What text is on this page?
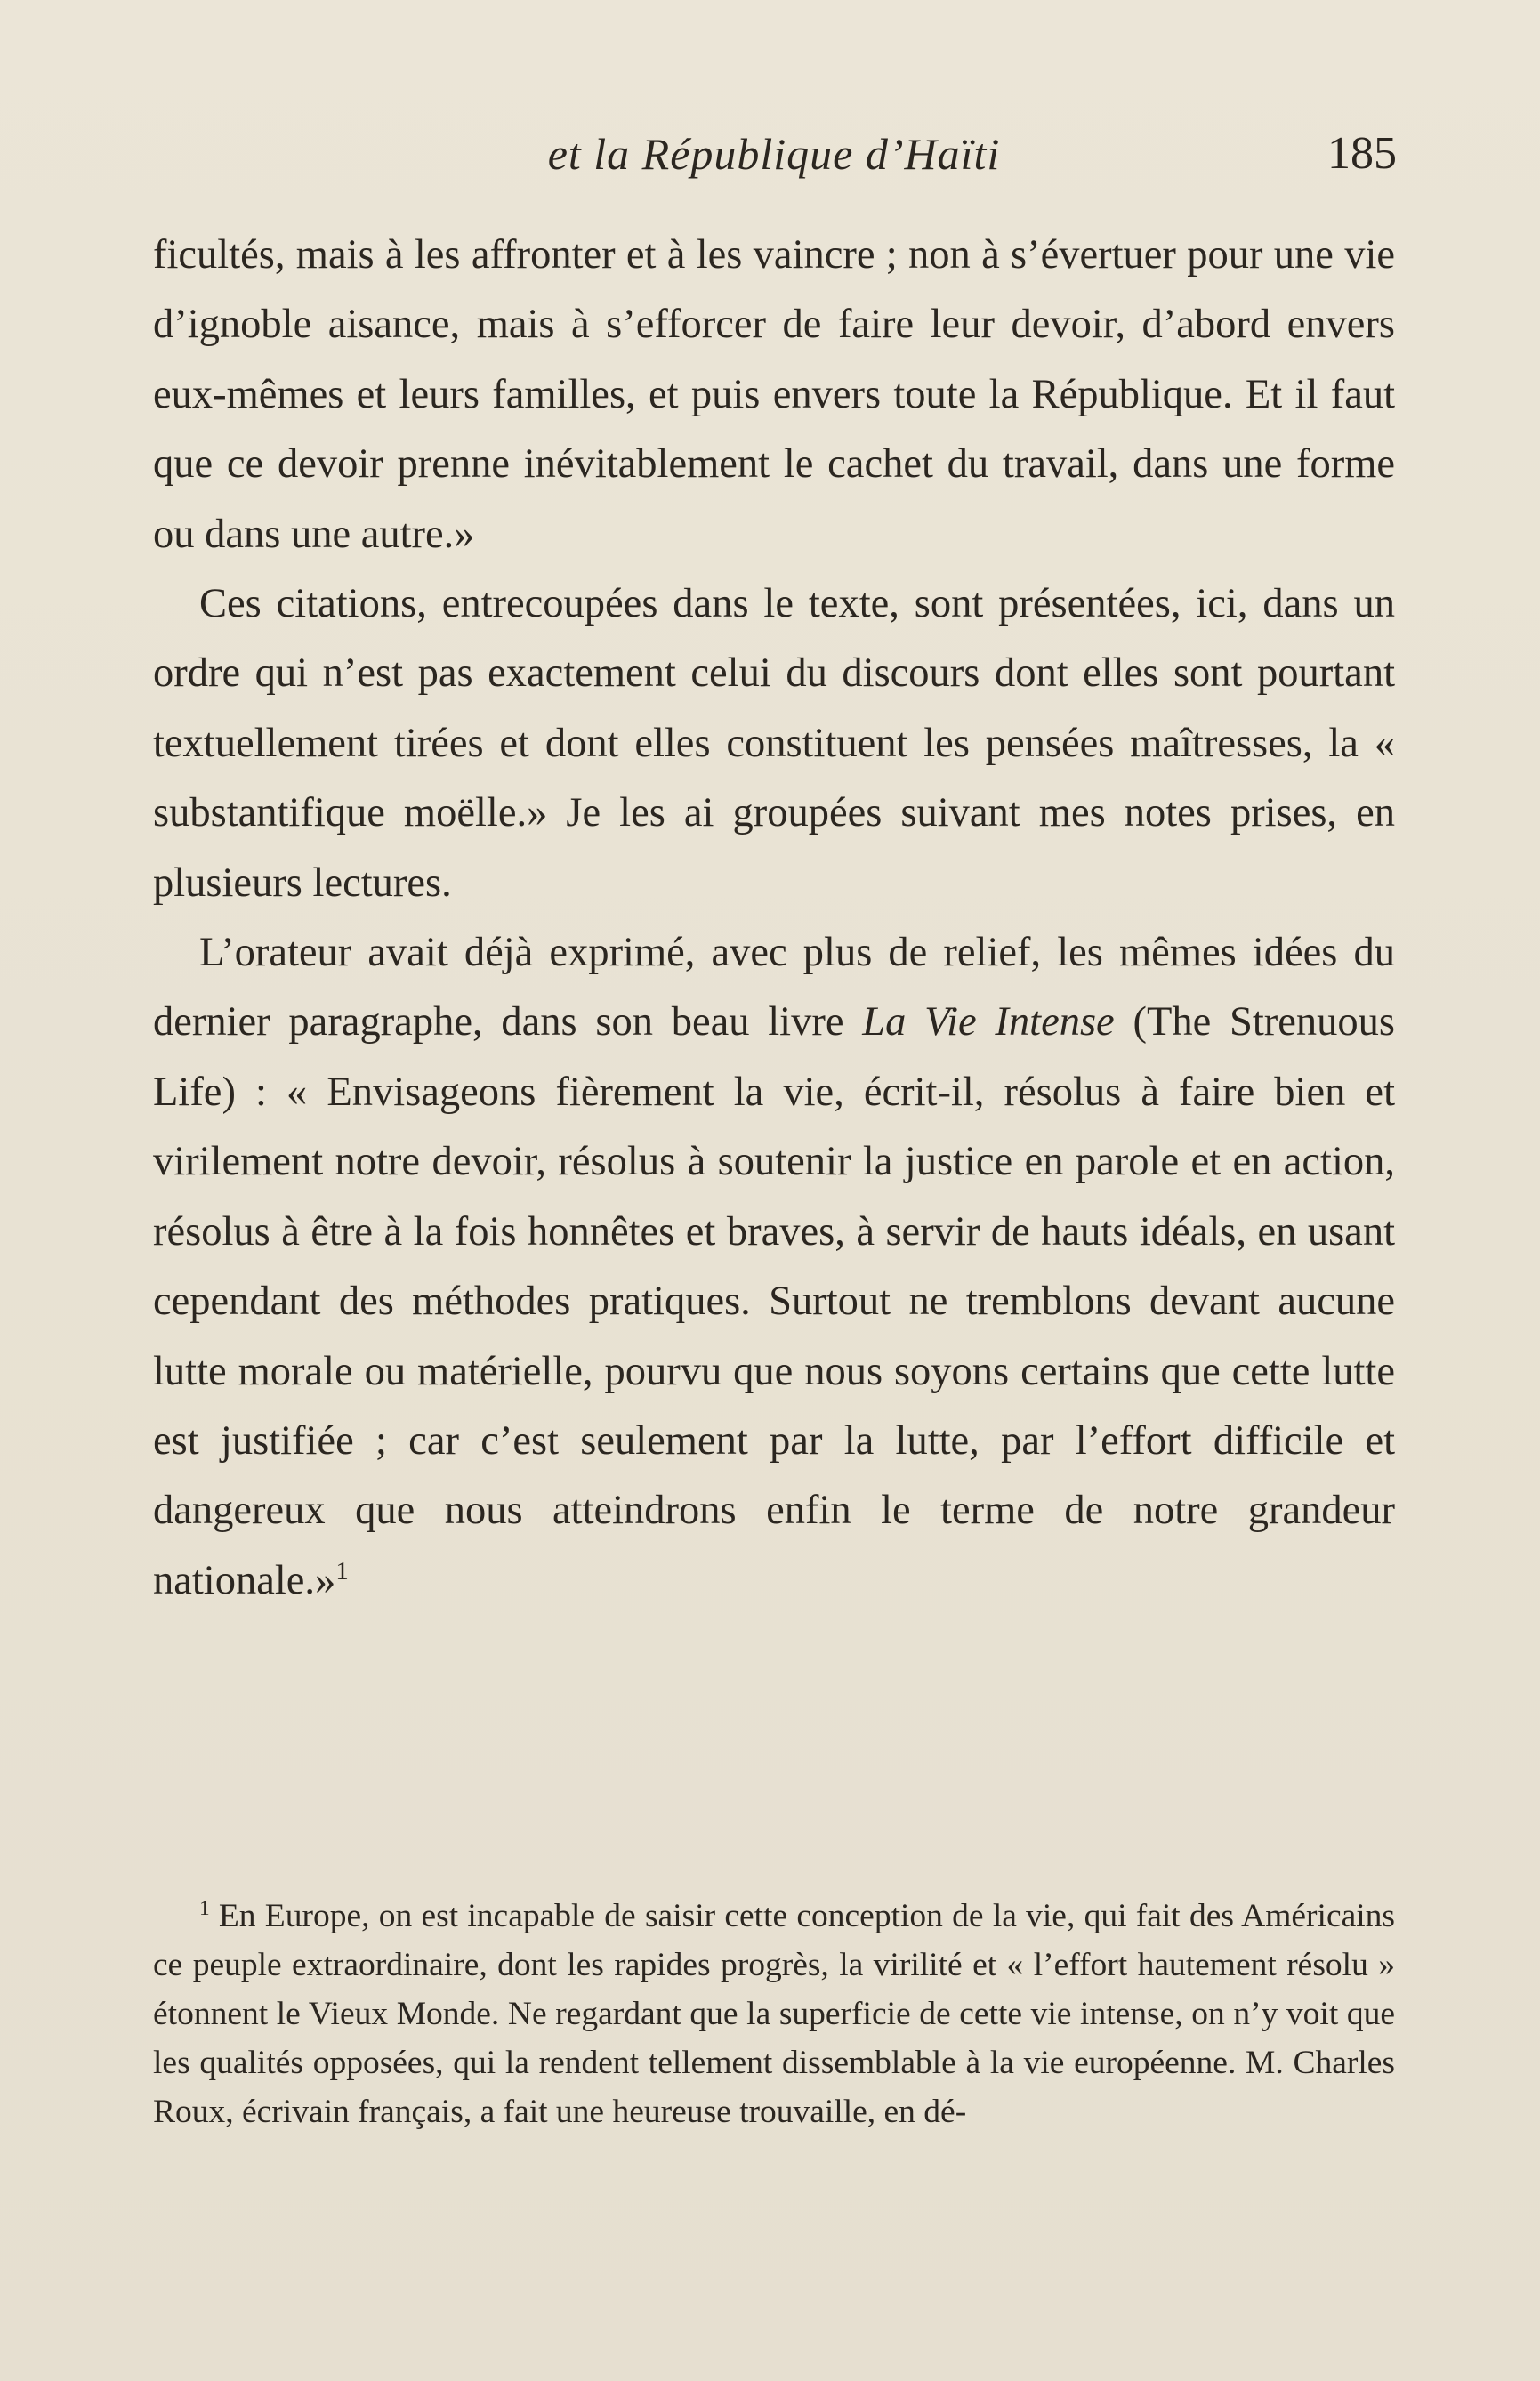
et la République d’Haïti	185

ficultés, mais à les affronter et à les vaincre ; non à s’évertuer pour une vie d’ignoble aisance, mais à s’efforcer de faire leur devoir, d’abord envers eux-mêmes et leurs familles, et puis envers toute la République. Et il faut que ce devoir prenne inévitablement le cachet du travail, dans une forme ou dans une autre.»

Ces citations, entrecoupées dans le texte, sont présentées, ici, dans un ordre qui n’est pas exactement celui du discours dont elles sont pourtant textuellement tirées et dont elles constituent les pensées maîtresses, la « substantifique moëlle.» Je les ai groupées suivant mes notes prises, en plusieurs lectures.

L’orateur avait déjà exprimé, avec plus de relief, les mêmes idées du dernier paragraphe, dans son beau livre La Vie Intense (The Strenuous Life) : « Envisageons fièrement la vie, écrit-il, résolus à faire bien et virilement notre devoir, résolus à soutenir la justice en parole et en action, résolus à être à la fois honnêtes et braves, à servir de hauts idéals, en usant cependant des méthodes pratiques. Surtout ne tremblons devant aucune lutte morale ou matérielle, pourvu que nous soyons certains que cette lutte est justifiée ; car c’est seulement par la lutte, par l’effort difficile et dangereux que nous atteindrons enfin le terme de notre grandeur nationale.»$^1$

$^1$ En Europe, on est incapable de saisir cette conception de la vie, qui fait des Américains ce peuple extraordinaire, dont les rapides progrès, la virilité et « l’effort hautement résolu » étonnent le Vieux Monde. Ne regardant que la superficie de cette vie intense, on n’y voit que les qualités opposées, qui la rendent tellement dissemblable à la vie européenne. M. Charles Roux, écrivain français, a fait une heureuse trouvaille, en dé-
